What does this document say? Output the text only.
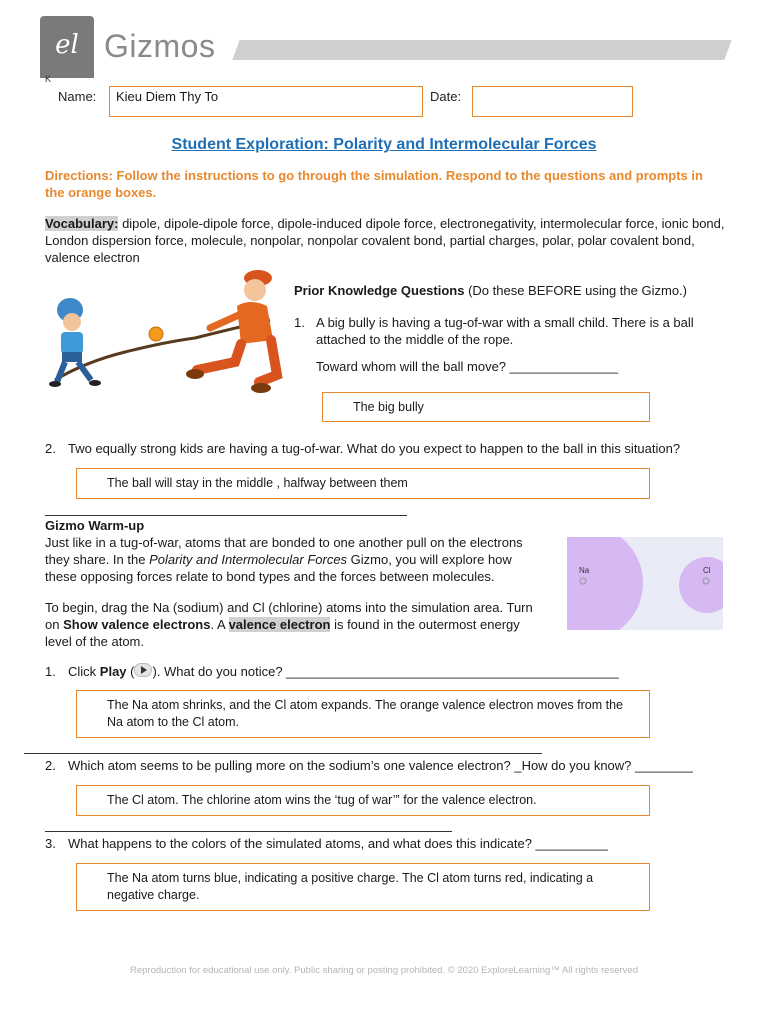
el Gizmos
K
Name:	Kieu Diem Thy To	Date:
Student Exploration: Polarity and Intermolecular Forces
Directions: Follow the instructions to go through the simulation. Respond to the questions and prompts in the orange boxes.
Vocabulary: dipole, dipole-dipole force, dipole-induced dipole force, electronegativity, intermolecular force, ionic bond, London dispersion force, molecule, nonpolar, nonpolar covalent bond, partial charges, polar, polar covalent bond, valence electron
Prior Knowledge Questions (Do these BEFORE using the Gizmo.)
1. A big bully is having a tug-of-war with a small child. There is a ball attached to the middle of the rope.
Toward whom will the ball move? _______________
The big bully
2. Two equally strong kids are having a tug-of-war. What do you expect to happen to the ball in this situation?
The ball will stay in the middle , halfway between them
Gizmo Warm-up
Just like in a tug-of-war, atoms that are bonded to one another pull on the electrons they share. In the Polarity and Intermolecular Forces Gizmo, you will explore how these opposing forces relate to bond types and the forces between molecules.
To begin, drag the Na (sodium) and Cl (chlorine) atoms into the simulation area. Turn on Show valence electrons. A valence electron is found in the outermost energy level of the atom.
Na	Cl
1. Click Play ( ). What do you notice? ______________________________________________
The Na atom shrinks, and the Cl atom expands. The orange valence electron moves from the Na atom to the Cl atom.
2. Which atom seems to be pulling more on the sodium’s one valence electron? _How do you know? ________
The Cl atom. The chlorine atom wins the ‘tug of war’” for the valence electron.
3. What happens to the colors of the simulated atoms, and what does this indicate? __________
The Na atom turns blue, indicating a positive charge. The Cl atom turns red, indicating a negative charge.
Reproduction for educational use only. Public sharing or posting prohibited. © 2020 ExploreLearning™ All rights reserved
